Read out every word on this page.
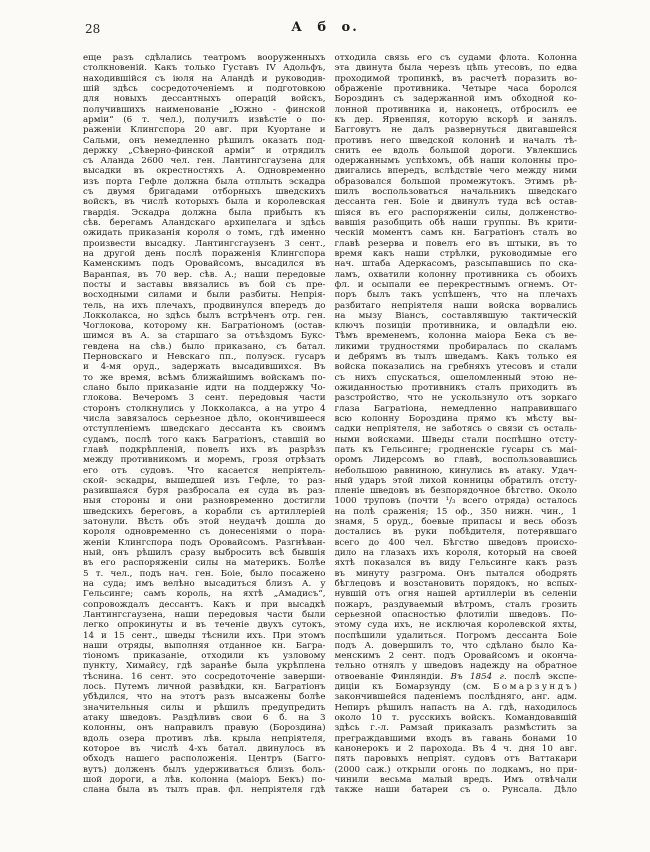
28	А б о.
еще разъ сдѣлались театромъ вооруженныхъ
столкновеній. Какъ только Густавъ IV Адольфъ,
находившійся съ іюля на Аландѣ и руководив-
шій здѣсь сосредоточеніемъ и подготовкою
для новыхъ дессантныхъ операцій войскъ,
получившихъ наименованіе „Южно - финской
арміи“ (6 т. чел.), получилъ извѣстіе о по-
раженіи Клингспора 20 авг. при Куортане и
Сальми, онъ немедленно рѣшилъ оказать под-
держку „Сѣверно-финской арміи“ и отрядилъ
съ Аланда 2600 чел. ген. Лантингсгаузена для
высадки въ окрестностяхъ А. Одновременно
изъ порта Гефле должна была отплыть эскадра
съ двумя бригадами отборныхъ шведскихъ
войскъ, въ числѣ которыхъ была и королевская
гвардія. Эскадра должна была прибыть къ
сѣв. берегамъ Аландскаго архипелага и здѣсь
ожидать приказанія короля о томъ, гдѣ именно
произвести высадку. Лантингсгаузенъ 3 сент.,
на другой день послѣ пораженія Клингспора
Каменскимъ подъ Оровайсомъ, высадился въ
Варанпая, въ 70 вер. сѣв. А.; наши передовые
посты и заставы ввязались въ бой съ пре-
восходными силами и были разбиты. Непрія-
тель, на ихъ плечахъ, продвинулся впередъ до
Локколакса, но здѣсь былъ встрѣченъ отр. ген.
Чоглокова, которому кн. Багратіономъ (остав-
шимся въ А. за старшаго за отъѣздомъ Букс-
гевдена на сѣв.) было приказано, съ батал.
Перновскаго и Невскаго пп., полуэск. гусаръ
и 4-мя оруд., задержать высадившихся. Въ
то же время, всѣмъ ближайшимъ войскамъ по-
слано было приказаніе идти на поддержку Чо-
глокова. Вечеромъ 3 сент. передовыя части
сторонъ столкнулись у Локколакса, а на утро 4
числа завязалось серьезное дѣло, окончившееся
отступленіемъ шведскаго дессанта къ своимъ
судамъ, послѣ того какъ Багратіонъ, ставшій во
главѣ подкрѣпленій, повелъ ихъ въ разрѣзъ
между противникомъ и моремъ, грозя отрѣзать
его отъ судовъ. Что касается непріятель-
ской- эскадры, вышедшей изъ Гефле, то раз-
разившаяся буря разбросала ея суда въ раз-
ныя стороны и они разновременно достигли
шведскихъ береговъ, а корабли съ артиллеріей
затонули. Вѣсть объ этой неудачѣ дошла до
короля одновременно съ донесеніями о пора-
женіи Клингспора подъ Оровайсомъ. Разгнѣван-
ный, онъ рѣшилъ сразу выбросить всѣ бывшія
въ его распоряженіи силы на материкъ. Болѣе
5 т. чел., подъ нач. ген. Боіе, было посажено
на суда; имъ велѣно высадиться близъ А. у
Гельсинге; самъ король, на яхтѣ „Амадисъ“,
сопровождалъ дессантъ. Какъ и при высадкѣ
Лантингсгаузена, наши передовыя части были
легко опрокинуты и въ теченіе двухъ сутокъ,
14 и 15 сент., шведы тѣснили ихъ. При этомъ
наши отряды, выполняя отданное кн. Багра-
тіономъ приказаніе, отходили къ узловому
пункту, Химайсу, гдѣ заранѣе была укрѣплена
тѣснина. 16 сент. это сосредоточеніе заверши-
лось. Путемъ личной развѣдки, кн. Багратіонъ
убѣдился, что на этотъ разъ высажены болѣе
значительныя силы и рѣшилъ предупредить
атаку шведовъ. Раздѣливъ свои 6 б. на 3
колонны, онъ направилъ правую (Бороздина)
вдоль озера противъ лѣв. крыла непріятеля,
которое въ числѣ 4-хъ батал. двинулось въ
обходъ нашего расположенія. Центръ (Багго-
вутъ) долженъ былъ удерживаться близъ боль-
шой дороги, а лѣв. колонна (маіоръ Бекъ) по-
слана была въ тылъ прав. фл. непріятеля гдѣ
отходила связь его съ судами флота. Колонна
эта двинута была черезъ цѣпь утесовъ, по едва
проходимой тропинкѣ, въ расчетѣ поразить во-
ображеніе противника. Четыре часа боролся
Бороздинъ съ задержанной имъ обходной ко-
лонной противника и, наконецъ, отбросилъ ее
къ дер. Ярвенпяя, которую вскорѣ и занялъ.
Багговутъ не далъ развернуться двигавшейся
противъ него шведской колоннѣ и началъ тѣ-
снить ее вдоль большой дороги. Увлекшись
одержаннымъ успѣхомъ, обѣ наши колонны про-
двигались впередъ, вслѣдствіе чего между ними
образовался большой промежутокъ. Этимъ рѣ-
шилъ воспользоваться начальникъ шведскаго
дессанта ген. Боіе и двинулъ туда всѣ остав-
шіяся въ его распоряженіи силы, долженство-
вавшія разобщить обѣ наши группы. Въ крити-
ческій моментъ самъ кн. Багратіонъ сталъ во
главѣ резерва и повелъ его въ штыки, въ то
время какъ наши стрѣлки, руководимые его
нач. штаба Адеркасомъ, разсыпавшись по ска-
ламъ, охватили колонну противника съ обоихъ
фл. и осыпали ее перекрестнымъ огнемъ. От-
поръ былъ такъ успѣшенъ, что на плечахъ
разбитаго непріятеля наши войска ворвались
на мызу Віансъ, составлявшую тактическій
ключъ позиціи противника, и овладѣли ею.
Тѣмъ временемъ, колонна маіора Бека съ ве-
ликими трудностями пробиралась по скаламъ
и дебрямъ въ тылъ шведамъ. Какъ только ея
войска показались на гребняхъ утесовъ и стали
съ нихъ спускаться, ошеломленный этою не-
ожиданностью противникъ сталъ приходить въ
разстройство, что не ускользнуло отъ зоркаго
глаза Багратіона, немедленно направившаго
всю колонну Бороздина прямо къ мѣсту вы-
садки непріятеля, не заботясь о связи съ осталь-
ными войсками. Шведы стали поспѣшно отсту-
пать къ Гельсинге; гродненскіе гусары съ маі-
оромъ Лидерсомъ во главѣ, воспользовавшись
небольшою равниною, кинулись въ атаку. Удач-
ный ударъ этой лихой конницы обратилъ отсту-
пленіе шведовъ въ безпорядочное бѣгство. Около
1000 труповъ (почти ¹/₃ всего отряда) осталось
на полѣ сраженія; 15 оф., 350 нижн. чин., 1
знамя, 5 оруд., боевые припасы и весь обозъ
достались въ руки побѣдителя, потерявшаго
всего до 400 чел. Бѣгство шведовъ происхо-
дило на глазахъ ихъ короля, который на своей
яхтѣ показался въ виду Гельсинге какъ разъ
въ минуту разгрома. Онъ пытался ободрять
бѣглецовъ и возстановить порядокъ, но вспых-
нувшій отъ огня нашей артиллеріи въ селеніи
пожаръ, раздуваемый вѣтромъ, сталъ грозить
серьезной опасностью флотиліи шведовъ. По-
этому суда ихъ, не исключая королевской яхты,
поспѣшили удалиться. Погромъ дессанта Боіе
подъ А. довершилъ то, что сдѣлано было Ка-
менскимъ 2 сент. подъ Оровайсомъ и оконча-
тельно отнялъ у шведовъ надежду на обратное
отвоеваніе Финляндіи. Въ 1854 г. послѣ экспе-
диціи къ Бомарзунду (см. Бомарзундъ)
закончившейся паденіемъ послѣдняго, анг. адм.
Непиръ рѣшилъ напасть на А. гдѣ, находилось
около 10 т. русскихъ войскъ. Командовавшій
здѣсь г.-л. Рамзай приказалъ размѣстить за
преграждавшими входъ въ гавань бонами 10
канонерокъ и 2 парохода. Въ 4 ч. дня 10 авг.
пять паровыхъ непріят. судовъ отъ Ваттакари
(2000 саж.) открыли огонь по лодкамъ, но при-
чинили весьма малый вредъ. Имъ отвѣчали
также наши батареи съ о. Рунсала. Дѣло
